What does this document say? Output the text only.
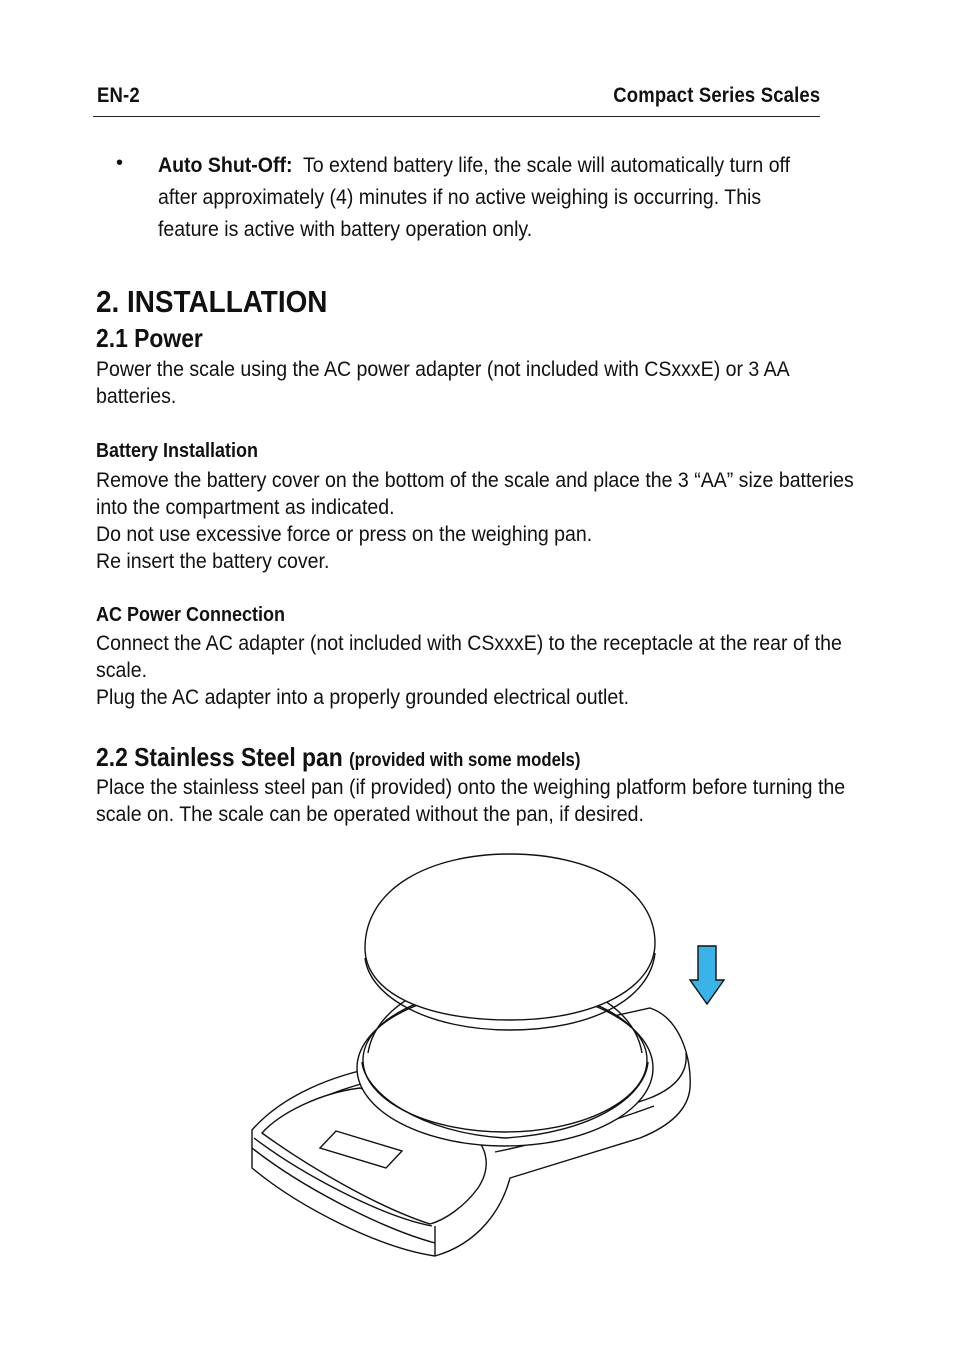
EN-2	Compact Series Scales
• Auto Shut-Off: To extend battery life, the scale will automatically turn off after approximately (4) minutes if no active weighing is occurring. This feature is active with battery operation only.
2. INSTALLATION
2.1 Power
Power the scale using the AC power adapter (not included with CSxxxE) or 3 AA batteries.
Battery Installation
Remove the battery cover on the bottom of the scale and place the 3 “AA” size batteries into the compartment as indicated.
Do not use excessive force or press on the weighing pan.
Re insert the battery cover.
AC Power Connection
Connect the AC adapter (not included with CSxxxE) to the receptacle at the rear of the scale.
Plug the AC adapter into a properly grounded electrical outlet.
2.2 Stainless Steel pan (provided with some models)
Place the stainless steel pan (if provided) onto the weighing platform before turning the scale on. The scale can be operated without the pan, if desired.
